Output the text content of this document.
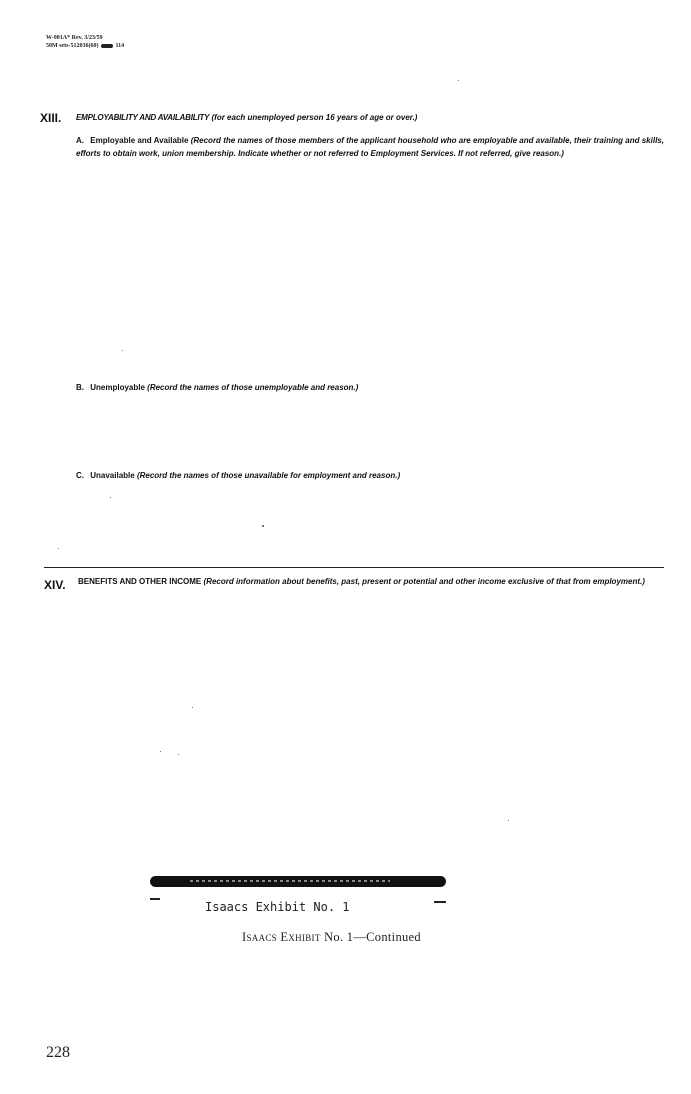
W-901A* Rev. 3/23/59
50M sets-512036(60)	114
XIII. EMPLOYABILITY AND AVAILABILITY (for each unemployed person 16 years of age or over.)
A. Employable and Available (Record the names of those members of the applicant household who are employable and available, their training and skills, efforts to obtain work, union membership. Indicate whether or not referred to Employment Services. If not referred, give reason.)
B. Unemployable (Record the names of those unemployable and reason.)
C. Unavailable (Record the names of those unavailable for employment and reason.)
XIV. BENEFITS AND OTHER INCOME (Record information about benefits, past, present or potential and other income exclusive of that from employment.)
Isaacs Exhibit No. 1
Isaacs Exhibit No. 1—Continued
228
